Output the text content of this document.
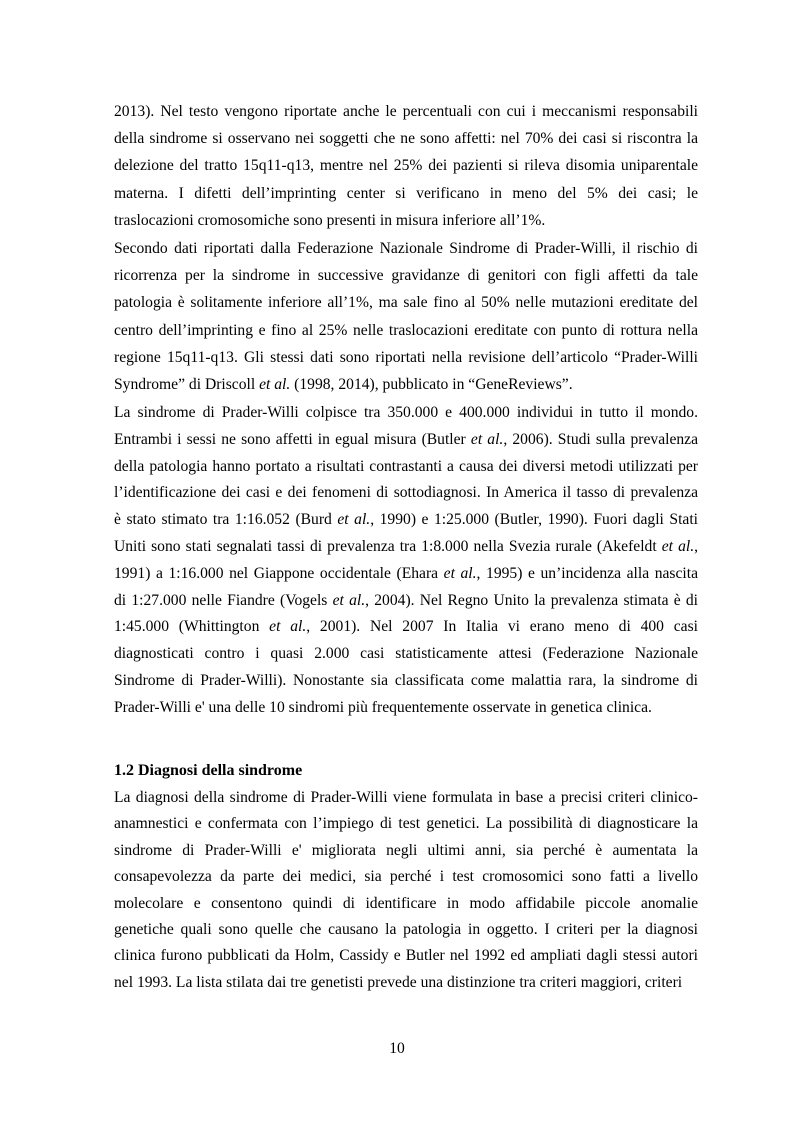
2013). Nel testo vengono riportate anche le percentuali con cui i meccanismi responsabili
della sindrome si osservano nei soggetti che ne sono affetti: nel 70% dei casi si riscontra la
delezione del tratto 15q11-q13, mentre nel 25% dei pazienti si rileva disomia uniparentale
materna. I difetti dell’imprinting center si verificano in meno del 5% dei casi; le
traslocazioni cromosomiche sono presenti in misura inferiore all’1%.
Secondo dati riportati dalla Federazione Nazionale Sindrome di Prader-Willi, il rischio di
ricorrenza per la sindrome in successive gravidanze di genitori con figli affetti da tale
patologia è solitamente inferiore all’1%, ma sale fino al 50% nelle mutazioni ereditate del
centro dell’imprinting e fino al 25% nelle traslocazioni ereditate con punto di rottura nella
regione 15q11-q13. Gli stessi dati sono riportati nella revisione dell’articolo “Prader-Willi
Syndrome” di Driscoll et al. (1998, 2014), pubblicato in “GeneReviews”.
La sindrome di Prader-Willi colpisce tra 350.000 e 400.000 individui in tutto il mondo.
Entrambi i sessi ne sono affetti in egual misura (Butler et al., 2006). Studi sulla prevalenza
della patologia hanno portato a risultati contrastanti a causa dei diversi metodi utilizzati per
l’identificazione dei casi e dei fenomeni di sottodiagnosi. In America il tasso di prevalenza
è stato stimato tra 1:16.052 (Burd et al., 1990) e 1:25.000 (Butler, 1990). Fuori dagli Stati
Uniti sono stati segnalati tassi di prevalenza tra 1:8.000 nella Svezia rurale (Akefeldt et al.,
1991) a 1:16.000 nel Giappone occidentale (Ehara et al., 1995) e un’incidenza alla nascita
di 1:27.000 nelle Fiandre (Vogels et al., 2004). Nel Regno Unito la prevalenza stimata è di
1:45.000 (Whittington et al., 2001). Nel 2007 In Italia vi erano meno di 400 casi
diagnosticati contro i quasi 2.000 casi statisticamente attesi (Federazione Nazionale
Sindrome di Prader-Willi). Nonostante sia classificata come malattia rara, la sindrome di
Prader-Willi e' una delle 10 sindromi più frequentemente osservate in genetica clinica.
1.2 Diagnosi della sindrome
La diagnosi della sindrome di Prader-Willi viene formulata in base a precisi criteri clinico-
anamnestici e confermata con l’impiego di test genetici. La possibilità di diagnosticare la
sindrome di Prader-Willi e' migliorata negli ultimi anni, sia perché è aumentata la
consapevolezza da parte dei medici, sia perché i test cromosomici sono fatti a livello
molecolare e consentono quindi di identificare in modo affidabile piccole anomalie
genetiche quali sono quelle che causano la patologia in oggetto. I criteri per la diagnosi
clinica furono pubblicati da Holm, Cassidy e Butler nel 1992 ed ampliati dagli stessi autori
nel 1993. La lista stilata dai tre genetisti prevede una distinzione tra criteri maggiori, criteri
10
